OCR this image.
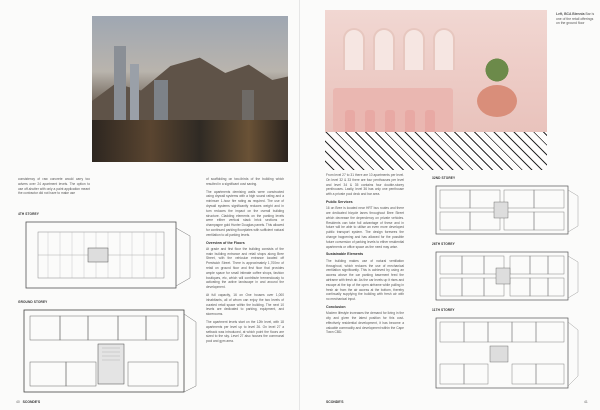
consistency of raw concrete would carry too advers over 24 apartment levels. The option to use off-shutter with only a paint application meant the contractor did not have to make use

4TH STOREY
GROUND STOREY

of scaffolding on two-thirds of the building which resulted in a significant cost saving.

The apartments demising walls were constructed using drywall systems with a high sound rating and a minimum 1-hour fire rating as required. The use of drywall systems significantly reduces weight and in turn reduces the impact on the overall building structure. Cladding elements on the parking levels were either vertical stack brick sections or champagne gold Hunter Douglas panels. This allowed for continued parking floorplates with sufficient natural ventilation to all parking levels.

Overview of the Floors

At grade and first floor the building consists of the main building entrance and retail shops along Bree Street, with the vehicular entrance located off Prestwich Street. There is approximately 1,700m² of retail on ground floor and first floor that provides ample space for small intimate coffee shops, fashion boutiques, etc, which will contribute tremendously to activating the active landscape in and around the development.

At full capacity, 16 on One houses over 1,000 inhabitants, all of whom can enjoy the two levels of curated retail space within the building. The next 10 levels are dedicated to parking, equipment, and storerooms.

The apartment levels start on the 12th level, with 18 apartments per level up to level 26. On level 27 a setback was introduced, at which point the floors are sized to the sky. Level 27 also houses the communal pool and gym area.

40 SCONDE'S
Left, BCA Biennia Bar is one of the retail offerings on the ground floor

From level 27 to 31 there are 10 apartments per level. On level 32 & 33 there are four penthouses per level and level 34 & 35 contains four double-storey penthouses. Lastly, level 36 has only one penthouse with a private pool deck and bar area.

Public Services

16 on Bree is located near HRT bus routes and there are dedicated bicycle lanes throughout Bree Street which decrease the dependency on private vehicles. Residents can take full advantage of these and in future will be able to utilise an even more developed public transport system. The design foresees the change happening and has allowed for the possible future conversion of parking levels to either residential apartments or office space as the need may arise.

Sustainable Elements

The building makes use of natural ventilation throughout, which reduces the use of mechanical ventilation significantly. This is achieved by using an access above the car parking basement feed the airframe with fresh air. As the car levels up it rises and escape at the top of the open airframe while pulling in fresh air from the air access at the bottom, thereby continually supplying the building with fresh air with no mechanical input.

Conclusion

Modern lifestyle increases the demand for living in the city and given the latest position for this cost-effectively residential development, it has become a valuable commodity and development within the Cape Town CBD.

32ND STOREY
26TH STOREY
11TH STOREY
SCONDE'S	41
